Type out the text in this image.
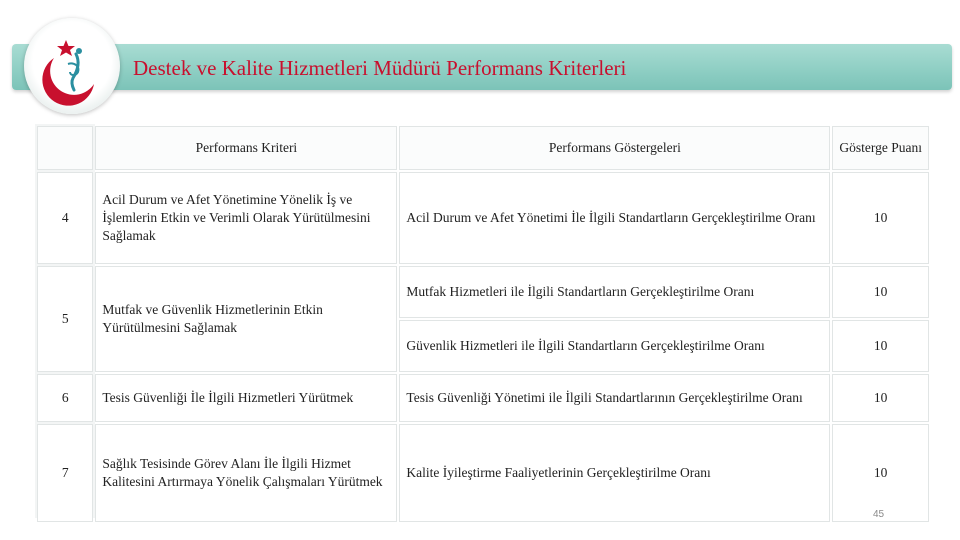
Destek ve Kalite Hizmetleri Müdürü Performans Kriterleri
	Performans Kriteri	Performans Göstergeleri	Gösterge Puanı
4	Acil Durum ve Afet Yönetimine Yönelik İş ve İşlemlerin Etkin ve Verimli Olarak Yürütülmesini Sağlamak	Acil Durum ve Afet Yönetimi İle İlgili Standartların Gerçekleştirilme Oranı	10
5	Mutfak ve Güvenlik Hizmetlerinin Etkin Yürütülmesini Sağlamak	Mutfak Hizmetleri ile İlgili Standartların Gerçekleştirilme Oranı	10
		Güvenlik Hizmetleri ile İlgili Standartların Gerçekleştirilme Oranı	10
6	Tesis Güvenliği İle İlgili Hizmetleri Yürütmek	Tesis Güvenliği Yönetimi ile İlgili Standartlarının Gerçekleştirilme Oranı	10
7	Sağlık Tesisinde Görev Alanı İle İlgili Hizmet Kalitesini Artırmaya Yönelik Çalışmaları Yürütmek	Kalite İyileştirme Faaliyetlerinin Gerçekleştirilme Oranı	10
45
